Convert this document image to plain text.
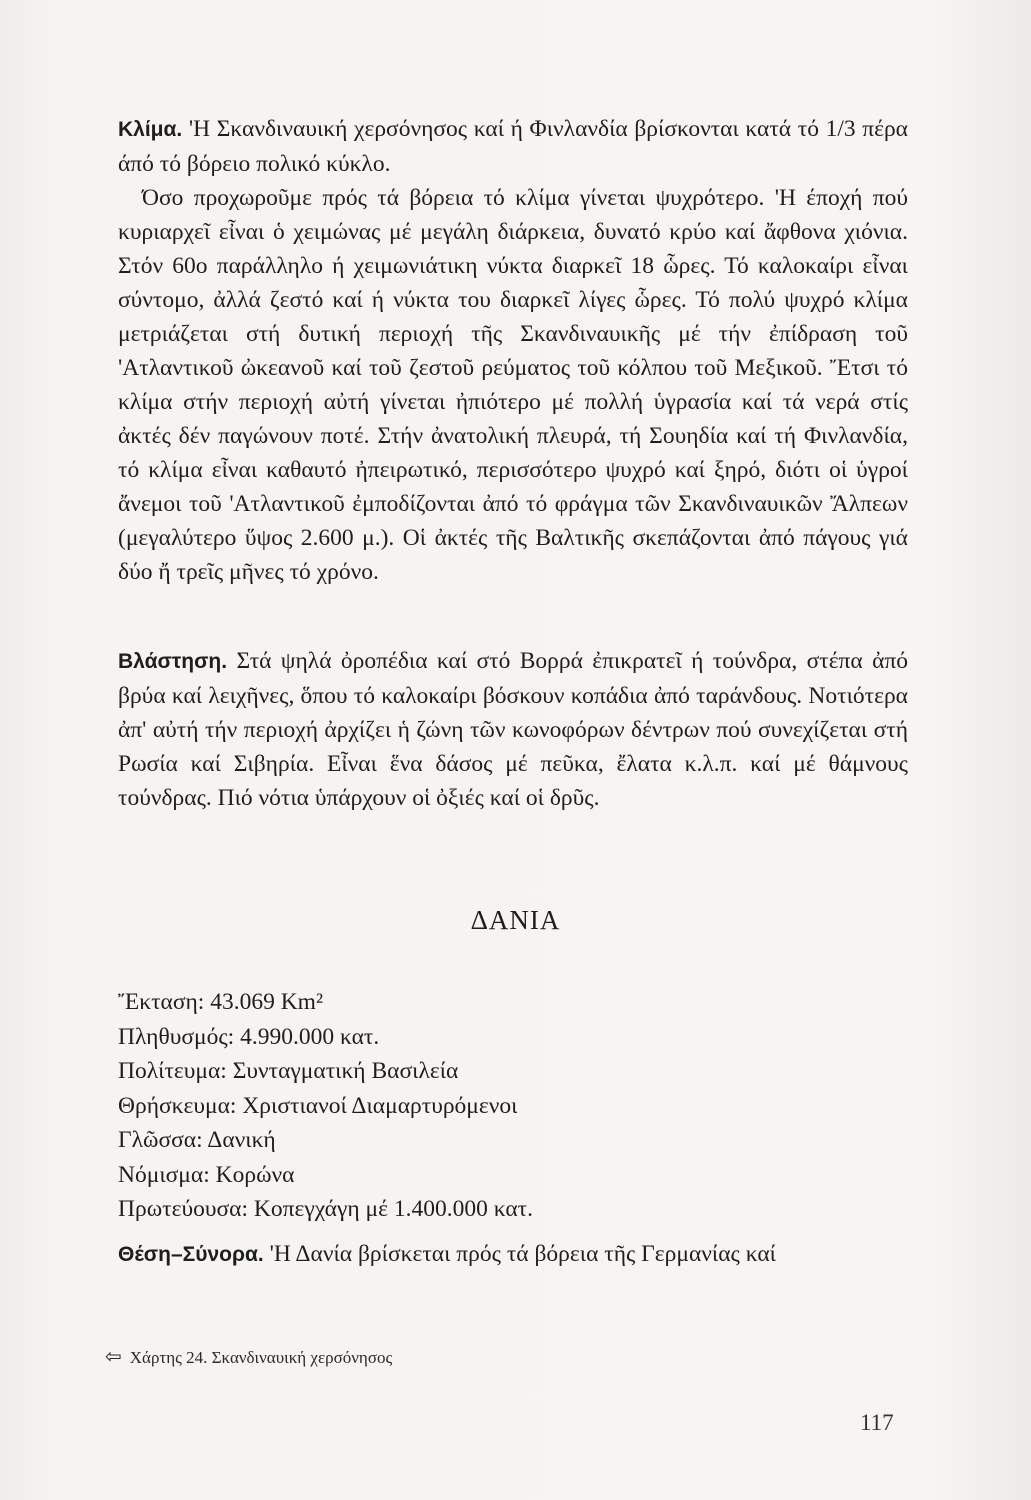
Κλίμα. 'Η Σκανδιναυική χερσόνησος καί ή Φινλανδία βρίσκονται κατά τό 1/3 πέρα άπό τό βόρειο πολικό κύκλο.

Όσο προχωροῦμε πρός τά βόρεια τό κλίμα γίνεται ψυχρότερο. 'Η έποχή πού κυριαρχεῖ εἶναι ὁ χειμώνας μέ μεγάλη διάρκεια, δυνατό κρύο καί ἄφθονα χιόνια. Στόν 60ο παράλληλο ή χειμωνιάτικη νύκτα διαρκεῖ 18 ὧρες. Τό καλοκαίρι εἶναι σύντομο, ἀλλά ζεστό καί ή νύκτα του διαρκεῖ λίγες ὧρες. Τό πολύ ψυχρό κλίμα μετριάζεται στή δυτική περιοχή τῆς Σκανδιναυικῆς μέ τήν ἐπίδραση τοῦ 'Ατλαντικοῦ ὠκεανοῦ καί τοῦ ζεστοῦ ρεύματος τοῦ κόλπου τοῦ Μεξικοῦ. Ἔτσι τό κλίμα στήν περιοχή αὐτή γίνεται ἠπιότερο μέ πολλή ὑγρασία καί τά νερά στίς ἀκτές δέν παγώνουν ποτέ. Στήν ἀνατολική πλευρά, τή Σουηδία καί τή Φινλανδία, τό κλίμα εἶναι καθαυτό ἠπειρωτικό, περισσότερο ψυχρό καί ξηρό, διότι οἱ ὑγροί ἄνεμοι τοῦ 'Ατλαντικοῦ ἐμποδίζονται ἀπό τό φράγμα τῶν Σκανδιναυικῶν Ἄλπεων (μεγαλύτερο ὕψος 2.600 μ.). Οἱ ἀκτές τῆς Βαλτικῆς σκεπάζονται ἀπό πάγους γιά δύο ἤ τρεῖς μῆνες τό χρόνο.

Βλάστηση. Στά ψηλά ὀροπέδια καί στό Βορρά ἐπικρατεῖ ή τούνδρα, στέπα ἀπό βρύα καί λειχῆνες, ὅπου τό καλοκαίρι βόσκουν κοπάδια ἀπό ταράνδους. Νοτιότερα ἀπ' αὐτή τήν περιοχή ἀρχίζει ἡ ζώνη τῶν κωνοφόρων δέντρων πού συνεχίζεται στή Ρωσία καί Σιβηρία. Εἶναι ἕνα δάσος μέ πεῦκα, ἔλατα κ.λ.π. καί μέ θάμνους τούνδρας. Πιό νότια ὑπάρχουν οἱ ὀξιές καί οἱ δρῦς.

ΔΑΝΙΑ
Ἔκταση: 43.069 Km²
Πληθυσμός: 4.990.000 κατ.
Πολίτευμα: Συνταγματική Βασιλεία
Θρήσκευμα: Χριστιανοί Διαμαρτυρόμενοι
Γλῶσσα: Δανική
Νόμισμα: Κορώνα
Πρωτεύουσα: Κοπεγχάγη μέ 1.400.000 κατ.

Θέση–Σύνορα. 'Η Δανία βρίσκεται πρός τά βόρεια τῆς Γερμανίας καί

⇦ Χάρτης 24. Σκανδιναυική χερσόνησος
117
